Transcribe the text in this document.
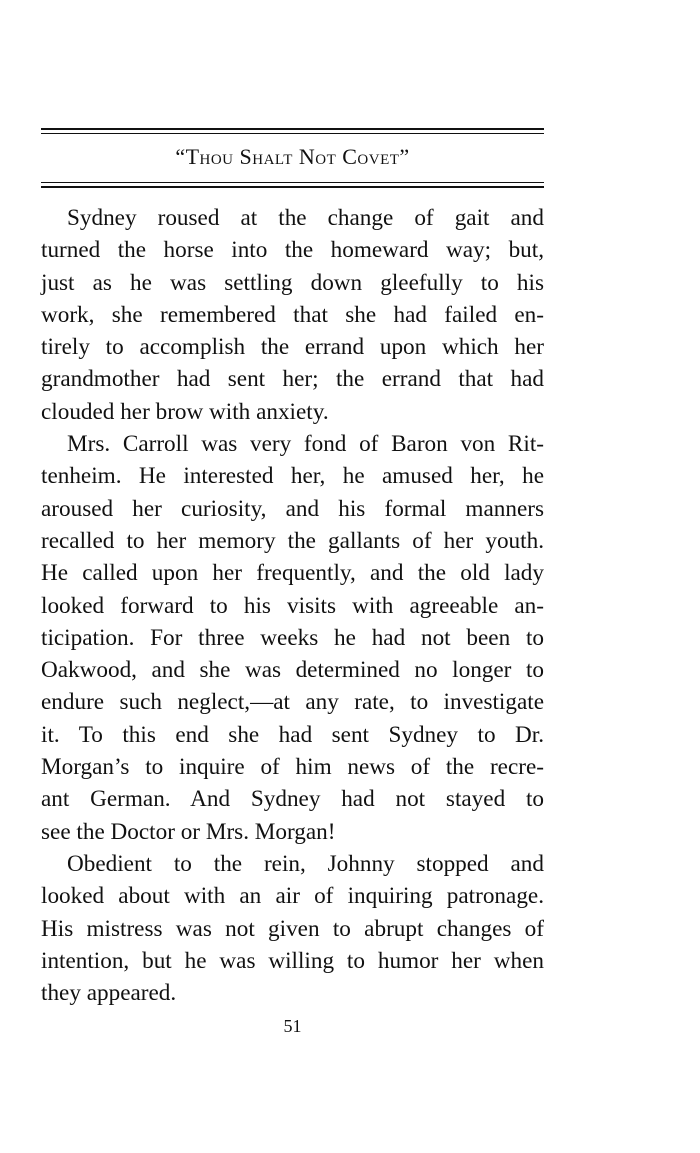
“Thou Shalt Not Covet”
Sydney roused at the change of gait and
turned the horse into the homeward way; but,
just as he was settling down gleefully to his
work, she remembered that she had failed en-
tirely to accomplish the errand upon which her
grandmother had sent her; the errand that had
clouded her brow with anxiety.
Mrs. Carroll was very fond of Baron von Rit-
tenheim. He interested her, he amused her, he
aroused her curiosity, and his formal manners
recalled to her memory the gallants of her youth.
He called upon her frequently, and the old lady
looked forward to his visits with agreeable an-
ticipation. For three weeks he had not been to
Oakwood, and she was determined no longer to
endure such neglect,—at any rate, to investigate
it. To this end she had sent Sydney to Dr.
Morgan’s to inquire of him news of the recre-
ant German. And Sydney had not stayed to
see the Doctor or Mrs. Morgan!
Obedient to the rein, Johnny stopped and
looked about with an air of inquiring patronage.
His mistress was not given to abrupt changes of
intention, but he was willing to humor her when
they appeared.
51
